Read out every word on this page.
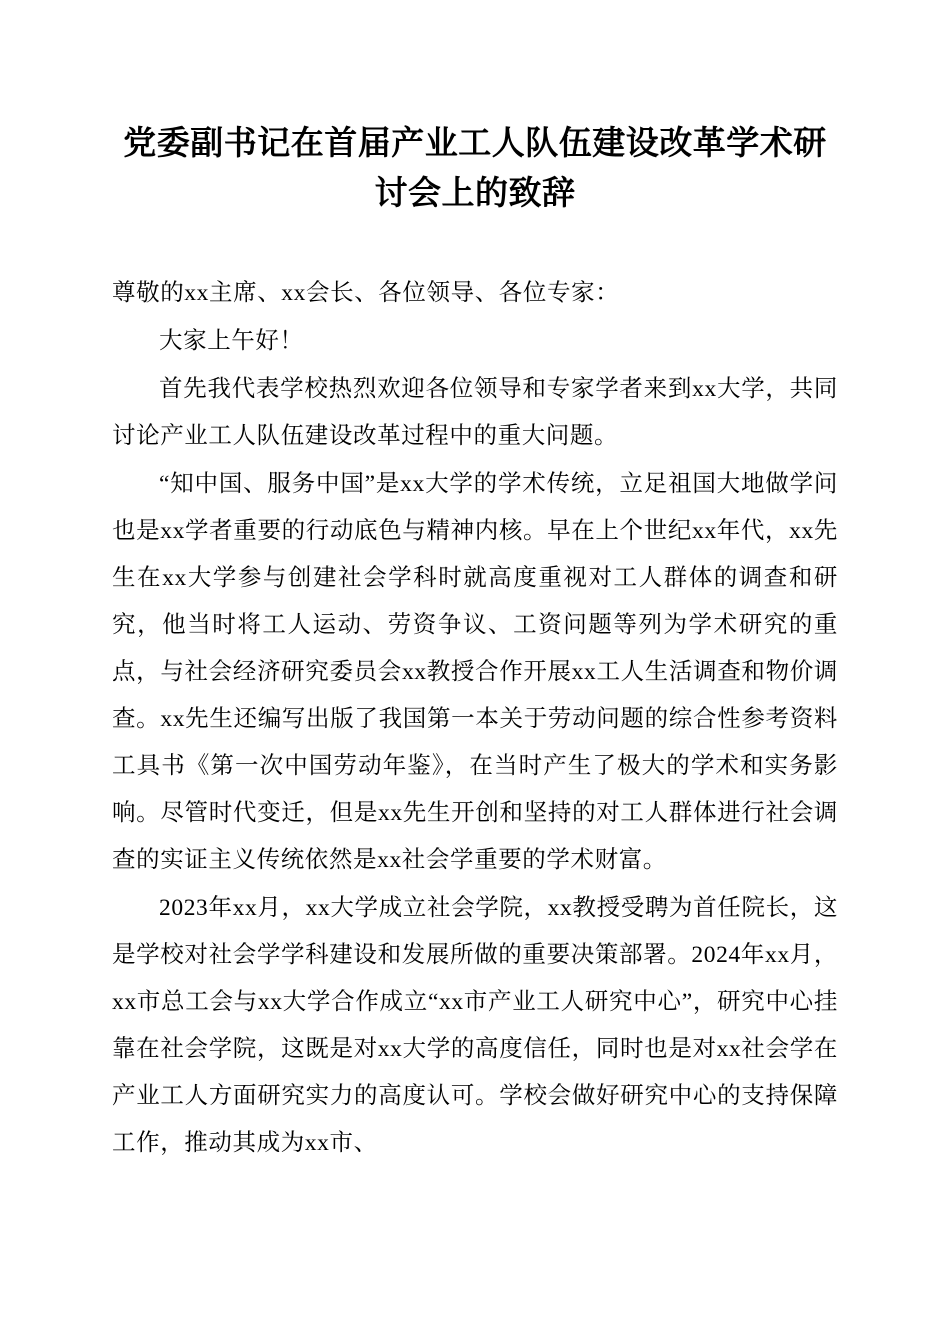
党委副书记在首届产业工人队伍建设改革学术研讨会上的致辞

尊敬的xx主席、xx会长、各位领导、各位专家：

大家上午好！

首先我代表学校热烈欢迎各位领导和专家学者来到xx大学，共同讨论产业工人队伍建设改革过程中的重大问题。

“知中国、服务中国”是xx大学的学术传统，立足祖国大地做学问也是xx学者重要的行动底色与精神内核。早在上个世纪xx年代，xx先生在xx大学参与创建社会学科时就高度重视对工人群体的调查和研究，他当时将工人运动、劳资争议、工资问题等列为学术研究的重点，与社会经济研究委员会xx教授合作开展xx工人生活调查和物价调查。xx先生还编写出版了我国第一本关于劳动问题的综合性参考资料工具书《第一次中国劳动年鉴》，在当时产生了极大的学术和实务影响。尽管时代变迁，但是xx先生开创和坚持的对工人群体进行社会调查的实证主义传统依然是xx社会学重要的学术财富。

2023年xx月，xx大学成立社会学院，xx教授受聘为首任院长，这是学校对社会学学科建设和发展所做的重要决策部署。2024年xx月，xx市总工会与xx大学合作成立“xx市产业工人研究中心”，研究中心挂靠在社会学院，这既是对xx大学的高度信任，同时也是对xx社会学在产业工人方面研究实力的高度认可。学校会做好研究中心的支持保障工作，推动其成为xx市、
